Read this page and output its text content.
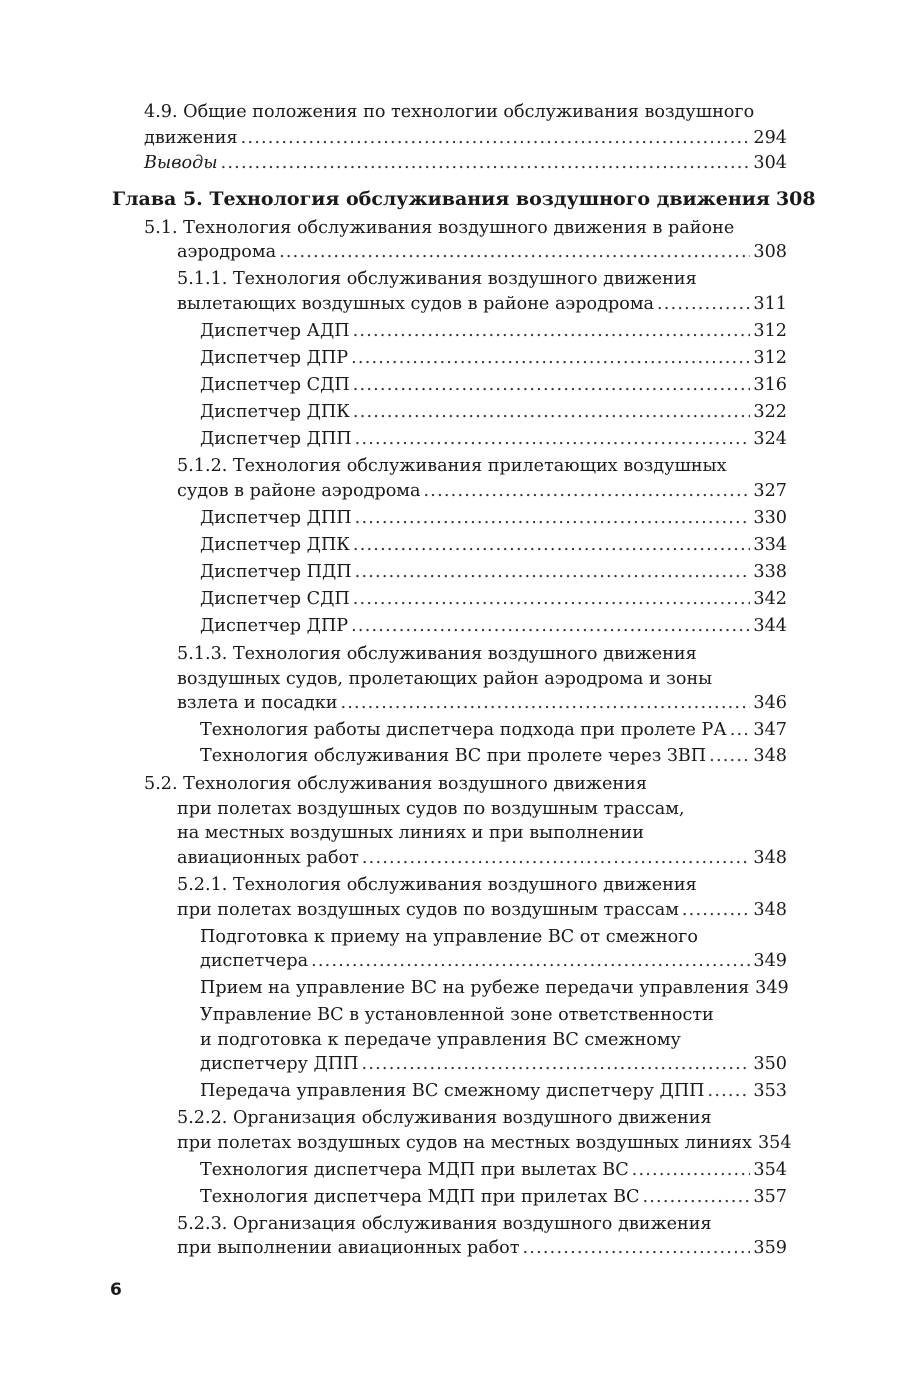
4.9. Общие положения по технологии обслуживания воздушного
движения .....	294
Выводы .....	304
Глава 5. Технология обслуживания воздушного движения 308
5.1. Технология обслуживания воздушного движения в районе
аэродрома .....	308
5.1.1. Технология обслуживания воздушного движения
вылетающих воздушных судов в районе аэродрома .....	311
Диспетчер АДП .....	312
Диспетчер ДПР .....	312
Диспетчер СДП .....	316
Диспетчер ДПК .....	322
Диспетчер ДПП .....	324
5.1.2. Технология обслуживания прилетающих воздушных
судов в районе аэродрома .....	327
Диспетчер ДПП .....	330
Диспетчер ДПК .....	334
Диспетчер ПДП .....	338
Диспетчер СДП .....	342
Диспетчер ДПР .....	344
5.1.3. Технология обслуживания воздушного движения
воздушных судов, пролетающих район аэродрома и зоны
взлета и посадки .....	346
Технология работы диспетчера подхода при пролете РА ..... 347
Технология обслуживания ВС при пролете через ЗВП .....	348
5.2. Технология обслуживания воздушного движения
при полетах воздушных судов по воздушным трассам,
на местных воздушных линиях и при выполнении
авиационных работ .....	348
5.2.1. Технология обслуживания воздушного движения
при полетах воздушных судов по воздушным трассам .....	348
Подготовка к приему на управление ВС от смежного
диспетчера .....	349
Прием на управление ВС на рубеже передачи управления 349
Управление ВС в установленной зоне ответственности
и подготовка к передаче управления ВС смежному
диспетчеру ДПП .....	350
Передача управления ВС смежному диспетчеру ДПП .....	353
5.2.2. Организация обслуживания воздушного движения
при полетах воздушных судов на местных воздушных линиях 354
Технология диспетчера МДП при вылетах ВС .....	354
Технология диспетчера МДП при прилетах ВС .....	357
5.2.3. Организация обслуживания воздушного движения
при выполнении авиационных работ .....	359
6
